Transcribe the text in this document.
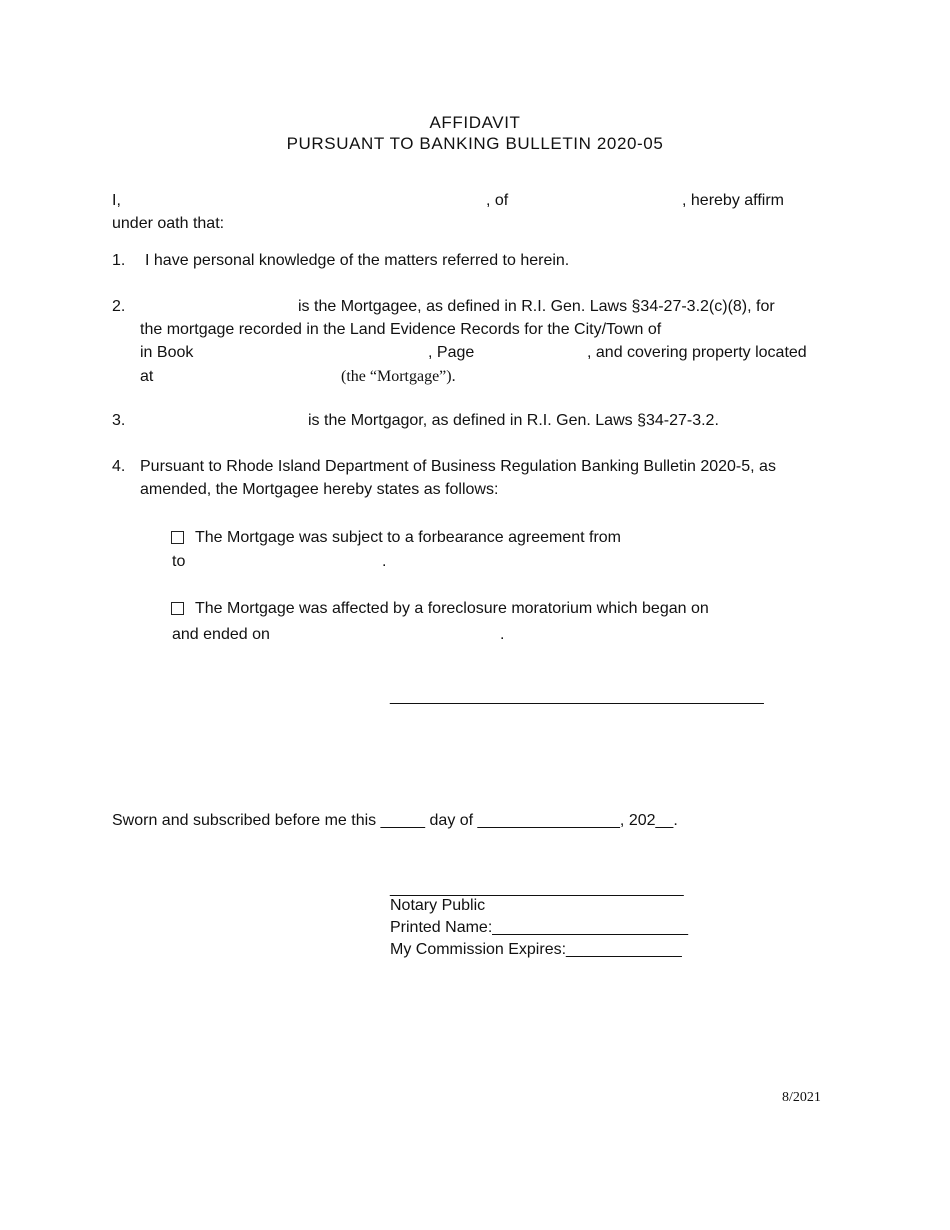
AFFIDAVIT
PURSUANT TO BANKING BULLETIN 2020-05
I,	, of	, hereby affirm
under oath that:
1. I have personal knowledge of the matters referred to herein.
2.	is the Mortgagee, as defined in R.I. Gen. Laws §34-27-3.2(c)(8), for
the mortgage recorded in the Land Evidence Records for the City/Town of
in Book	, Page	, and covering property located
at	(the “Mortgage”).
3.	is the Mortgagor, as defined in R.I. Gen. Laws §34-27-3.2.
4. Pursuant to Rhode Island Department of Business Regulation Banking Bulletin 2020-5, as
amended, the Mortgagee hereby states as follows:
The Mortgage was subject to a forbearance agreement from
to	.
The Mortgage was affected by a foreclosure moratorium which began on
and ended on	.
__________________________________________
Sworn and subscribed before me this _____ day of ________________, 202__.
_________________________________
Notary Public
Printed Name:______________________
My Commission Expires:_____________
8/2021
